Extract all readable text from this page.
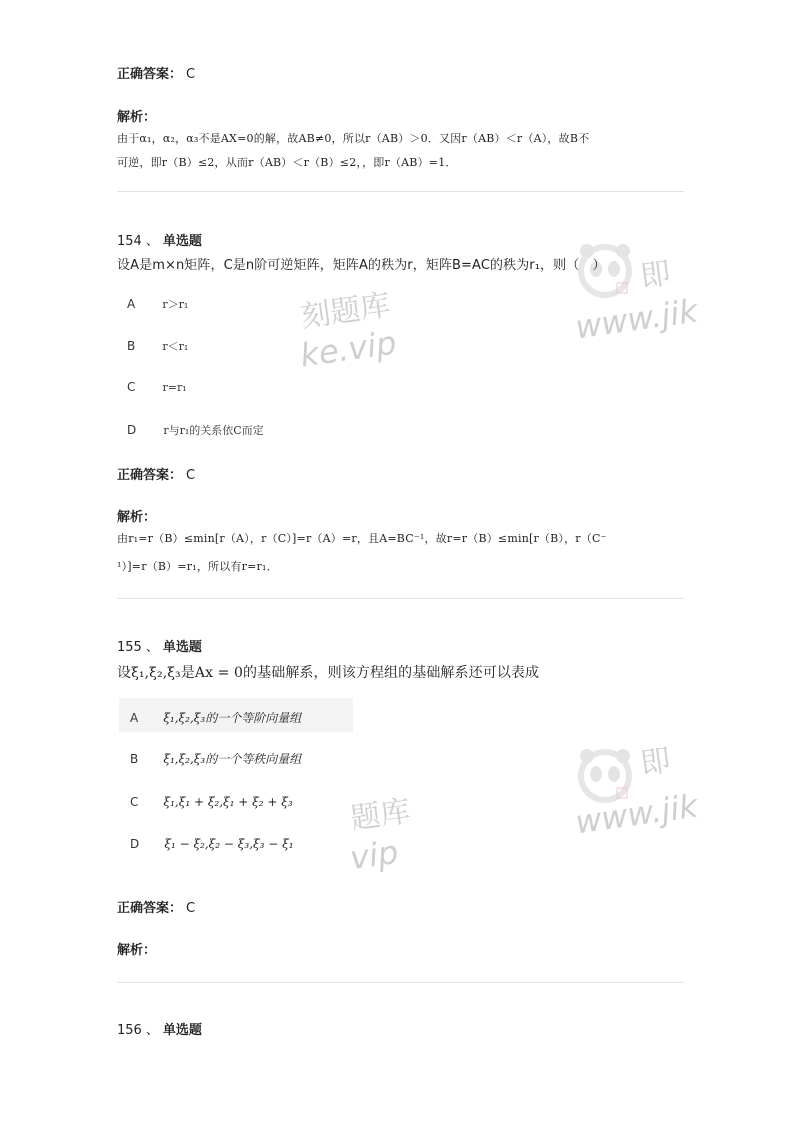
刻题库
ke.vip
即
www.jik
题库
vip
即
www.jik
正确答案： C
解析：
由于α₁，α₂，α₃不是AX=0的解，故AB≠0，所以r（AB）＞0．又因r（AB）＜r（A），故B不
可逆，即r（B）≤2，从而r（AB）＜r（B）≤2，，即r（AB）=1．
154 、 单选题
设A是m×n矩阵，C是n阶可逆矩阵，矩阵A的秩为r，矩阵B=AC的秩为r₁，则（　）
A r＞r₁
B r＜r₁
C r=r₁
D r与r₁的关系依C而定
正确答案： C
解析：
由r₁=r（B）≤min[r（A），r（C）]=r（A）=r，且A=BC⁻¹，故r=r（B）≤min[r（B），r（C⁻
¹）]=r（B）=r₁，所以有r=r₁．
155 、 单选题
设ξ₁,ξ₂,ξ₃是Ax = 0的基础解系，则该方程组的基础解系还可以表成
A ξ₁,ξ₂,ξ₃的一个等阶向量组
B ξ₁,ξ₂,ξ₃的一个等秩向量组
C ξ₁,ξ₁ + ξ₂,ξ₁ + ξ₂ + ξ₃
D ξ₁ − ξ₂,ξ₂ − ξ₃,ξ₃ − ξ₁
正确答案： C
解析：
156 、 单选题
